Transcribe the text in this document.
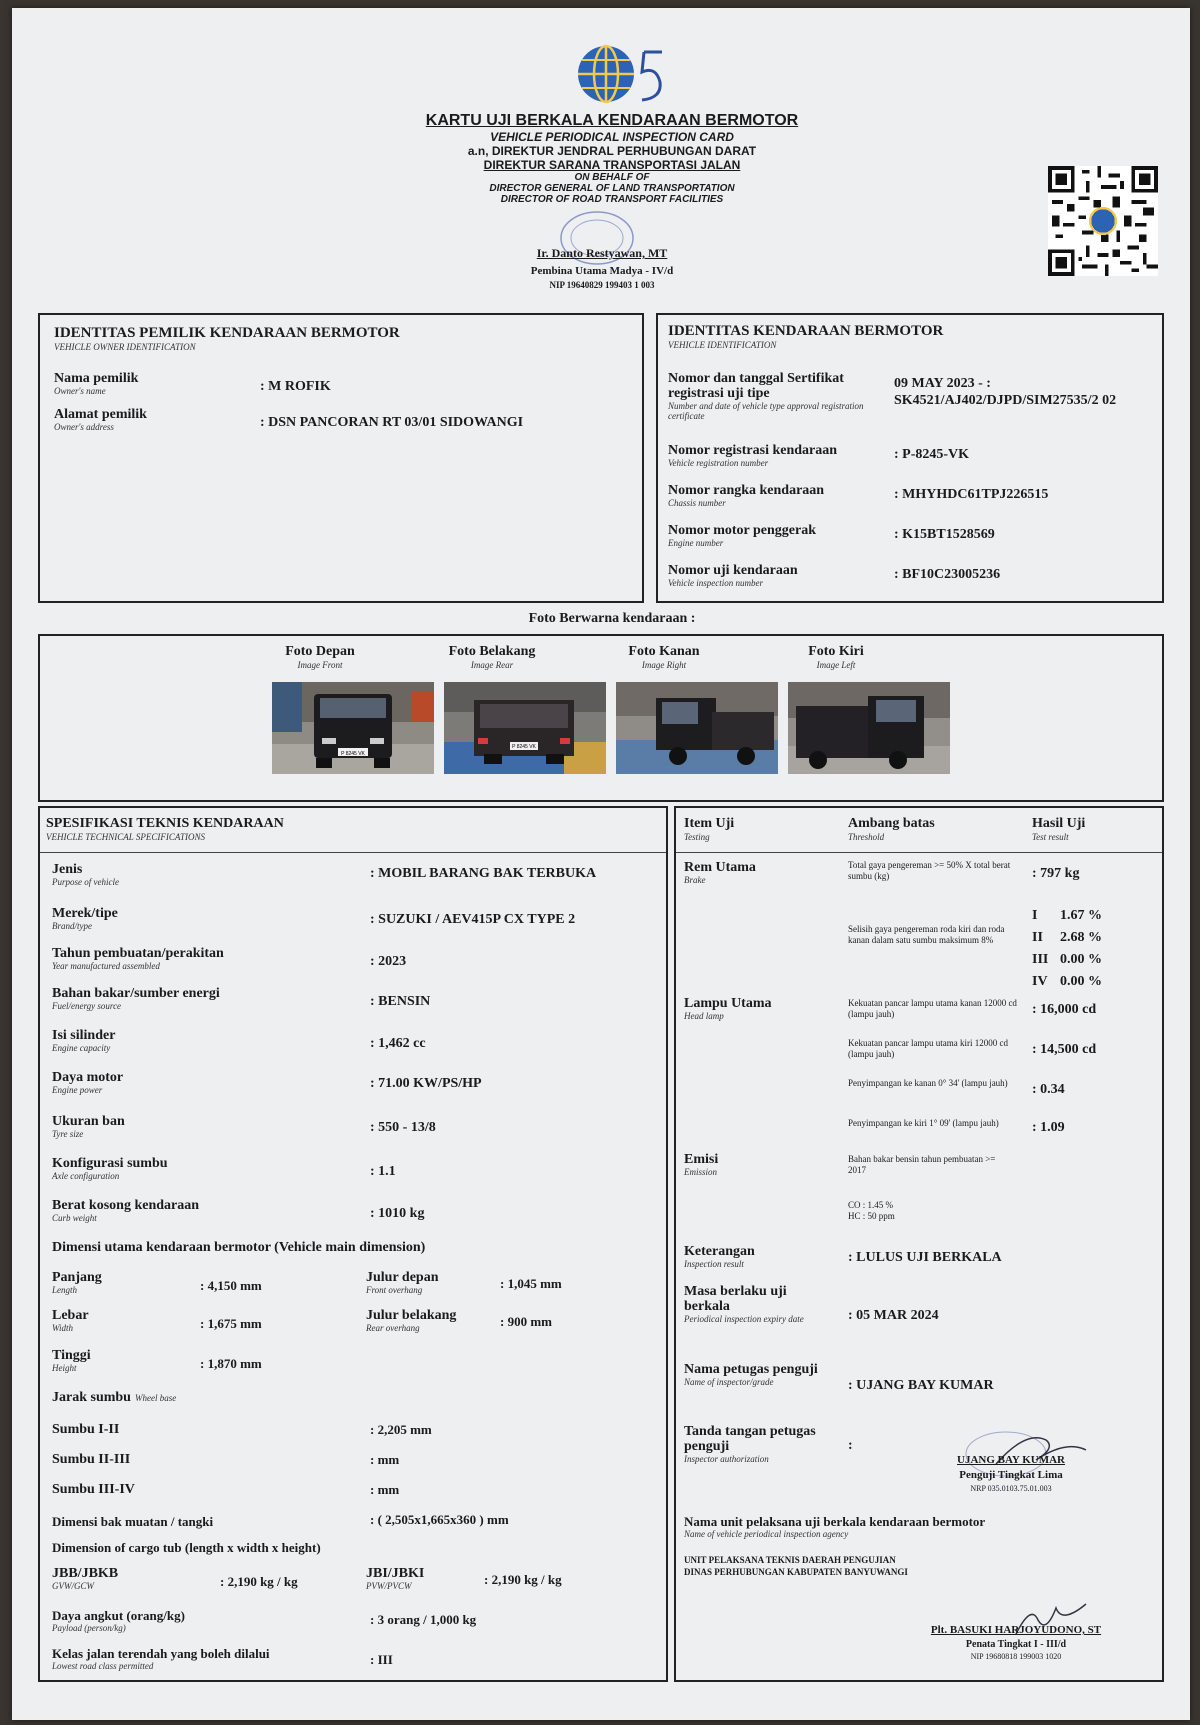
KARTU UJI BERKALA KENDARAAN BERMOTOR
VEHICLE PERIODICAL INSPECTION CARD
a.n, DIREKTUR JENDRAL PERHUBUNGAN DARAT
DIREKTUR SARANA TRANSPORTASI JALAN
ON BEHALF OF
DIRECTOR GENERAL OF LAND TRANSPORTATION
DIRECTOR OF ROAD TRANSPORT FACILITIES
Ir. Danto Restyawan, MT
Pembina Utama Madya - IV/d
NIP 19640829 199403 1 003
IDENTITAS PEMILIK KENDARAAN BERMOTOR
VEHICLE OWNER IDENTIFICATION
Nama pemilik
Owner's name	: M ROFIK
Alamat pemilik
Owner's address	: DSN PANCORAN RT 03/01 SIDOWANGI
IDENTITAS KENDARAAN BERMOTOR
VEHICLE IDENTIFICATION
Nomor dan tanggal Sertifikat registrasi uji tipe
Number and date of vehicle type approval registration certificate
09 MAY 2023 - : SK4521/AJ402/DJPD/SIM27535/2 02
Nomor registrasi kendaraan
Vehicle registration number
: P-8245-VK
Nomor rangka kendaraan
Chassis number
: MHYHDC61TPJ226515
Nomor motor penggerak
Engine number
: K15BT1528569
Nomor uji kendaraan
Vehicle inspection number
: BF10C23005236
Foto Berwarna kendaraan :
Foto Depan
Image Front
Foto Belakang
Image Rear
Foto Kanan
Image Right
Foto Kiri
Image Left
P 8245 VK
P 8245 VK
SPESIFIKASI TEKNIS KENDARAAN
VEHICLE TECHNICAL SPECIFICATIONS
Jenis
Purpose of vehicle
: MOBIL BARANG BAK TERBUKA
Merek/tipe
Brand/type	: SUZUKI / AEV415P CX TYPE 2
Tahun pembuatan/perakitan
Year manufactured assembled	: 2023
Bahan bakar/sumber energi
Fuel/energy source	: BENSIN
Isi silinder
Engine capacity	: 1,462 cc
Daya motor
Engine power	: 71.00 KW/PS/HP
Ukuran ban
Tyre size	: 550 - 13/8
Konfigurasi sumbu
Axle configuration	: 1.1
Berat kosong kendaraan
Curb weight	: 1010 kg
Dimensi utama kendaraan bermotor (Vehicle main dimension)
Panjang
Length	: 4,150 mm
Julur depan
Front overhang	: 1,045 mm
Lebar
Width	: 1,675 mm
Julur belakang
Rear overhang	: 900 mm
Tinggi
Height	: 1,870 mm
Jarak sumbu Wheel base
Sumbu I-II	: 2,205 mm
Sumbu II-III	: mm
Sumbu III-IV	: mm
Dimensi bak muatan / tangki	: ( 2,505x1,665x360 ) mm
Dimension of cargo tub (length x width x height)
JBB/JBKB
GVW/GCW	: 2,190 kg / kg
JBI/JBKI
PVW/PVCW	: 2,190 kg / kg
Daya angkut (orang/kg)
Payload (person/kg)
: 3 orang / 1,000 kg
Kelas jalan terendah yang boleh dilalui
Lowest road class permitted	: III
Item Uji
Testing
Ambang batas
Threshold
Hasil Uji
Test result
Rem Utama
Brake
Total gaya pengereman >= 50% X total berat sumbu (kg)	: 797 kg
Selisih gaya pengereman roda kiri dan roda kanan dalam satu sumbu maksimum 8%
I 1.67 %
II 2.68 %
III 0.00 %
IV 0.00 %
Lampu Utama
Head lamp
Kekuatan pancar lampu utama kanan 12000 cd (lampu jauh)	: 16,000 cd
Kekuatan pancar lampu utama kiri 12000 cd (lampu jauh)	: 14,500 cd
Penyimpangan ke kanan 0° 34' (lampu jauh)	: 0.34
Penyimpangan ke kiri 1° 09' (lampu jauh)	: 1.09
Emisi
Emission
Bahan bakar bensin tahun pembuatan >= 2017
CO : 1.45 %
HC : 50 ppm
Keterangan
Inspection result	: LULUS UJI BERKALA
Masa berlaku uji berkala
Periodical inspection expiry date	: 05 MAR 2024
Nama petugas penguji
Name of inspector/grade	: UJANG BAY KUMAR
Tanda tangan petugas penguji
Inspector authorization
:
UJANG BAY KUMAR
Penguji Tingkat Lima
NRP 035.0103.75.01.003
Nama unit pelaksana uji berkala kendaraan bermotor
Name of vehicle periodical inspection agency
UNIT PELAKSANA TEKNIS DAERAH PENGUJIAN
DINAS PERHUBUNGAN KABUPATEN BANYUWANGI
Plt. BASUKI HARJOYUDONO, ST
Penata Tingkat I - III/d
NIP 19680818 199003 1020
